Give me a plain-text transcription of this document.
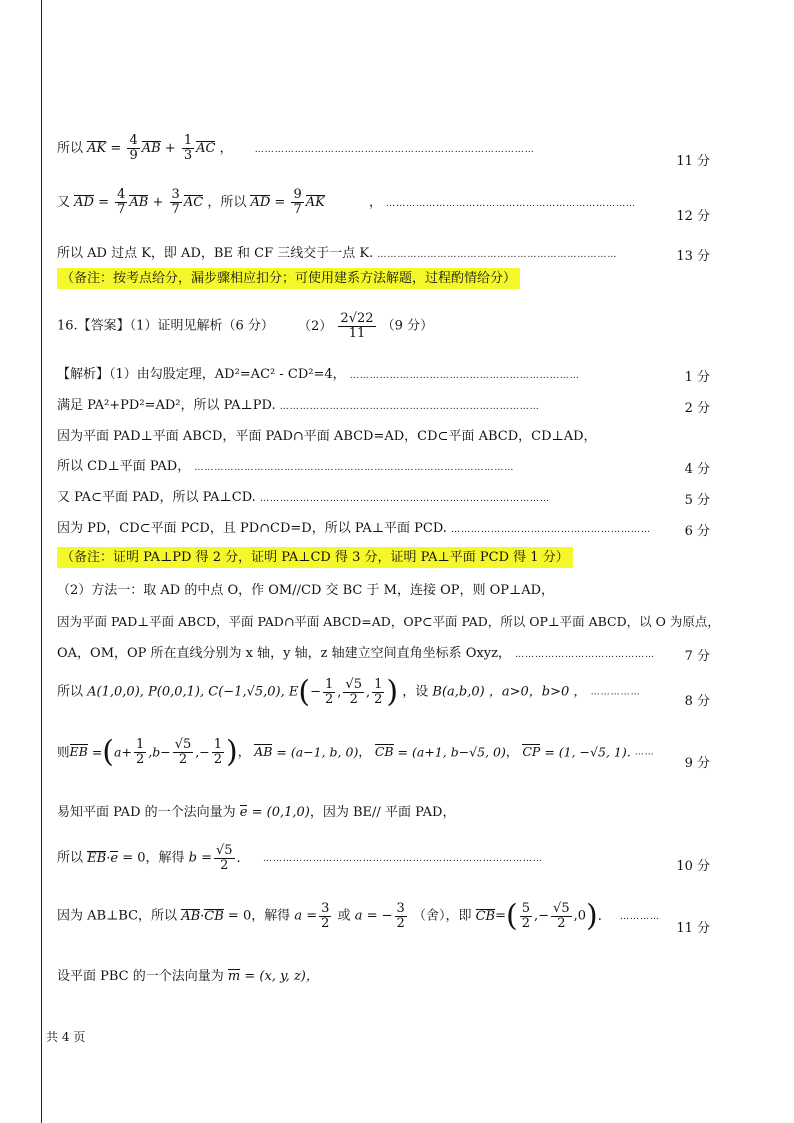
所以 AK = $\frac{4}{9}$ AB + $\frac{1}{3}$ AC ， …………………………………………………………………………
11 分
又 AD = $\frac{4}{7}$ AB + $\frac{3}{7}$ AC ，所以 AD = $\frac{9}{7}$ AK	， …………………………………………………………………
12 分
所以 AD 过点 K，即 AD，BE 和 CF 三线交于一点 K. ………………………………………………………………	13 分
（备注：按考点给分，漏步骤相应扣分；可使用建系方法解题，过程酌情给分）
16.【答案】（1）证明见解析（6 分） $(2) \frac{2√22}{11} (9$ 分）
【解析】（1）由勾股定理，AD²=AC² - CD²=4， ……………………………………………………………	1 分
满足 PA²+PD²=AD²，所以 PA⊥PD. ……………………………………………………………………	2 分
因为平面 PAD⊥平面 ABCD，平面 PAD∩平面 ABCD=AD，CD⊂平面 ABCD，CD⊥AD，
所以 CD⊥平面 PAD， ……………………………………………………………………………………	4 分
又 PA⊂平面 PAD，所以 PA⊥CD. ……………………………………………………………………………	5 分
因为 PD，CD⊂平面 PCD，且 PD∩CD=D，所以 PA⊥平面 PCD. ……………………………………………………	6 分
（备注：证明 PA⊥PD 得 2 分，证明 PA⊥CD 得 3 分，证明 PA⊥平面 PCD 得 1 分）
（2）方法一：取 AD 的中点 O，作 OM//CD 交 BC 于 M，连接 OP，则 OP⊥AD，
因为平面 PAD⊥平面 ABCD，平面 PAD∩平面 ABCD=AD，OP⊂平面 PAD，所以 OP⊥平面 ABCD，以 O 为原点，
OA，OM，OP 所在直线分别为 x 轴，y 轴，z 轴建立空间直角坐标系 Oxyz， ……………………………………	7 分
所以 A(1,0,0), P(0,0,1), C(−1,√5,0), $E(- \frac{1}{2}$ , $\frac{√5}{2}$ , $\frac{1}{2}$ ) ，设 B(a,b,0) ，a>0，b>0 ， ……………
8 分
则EB $=(a+ \frac{1}{2} ,b- \frac{√5}{2}$ ,− $\frac{1}{2}$ )， AB = (a−1, b, 0)， CB = (a+1, b−√5, 0)， CP = (1, −√5, 1). ……
9 分
易知平面 PAD 的一个法向量为 e = (0,1,0)，因为 BE// 平面 PAD，
所以 EB·e = 0，解得 $b = \frac{√5}{2}$ . …………………………………………………………………………
10 分
因为 AB⊥BC，所以 AB·CB = 0，解得 $a = \frac{3}{2}$ 或 a = − $\frac{3}{2}$ （舍），即 $CB=( \frac{5}{2}$ ,− $\frac{√5}{2} ,0$). …………
11 分
设平面 PBC 的一个法向量为 m = (x, y, z)，
共 4 页
